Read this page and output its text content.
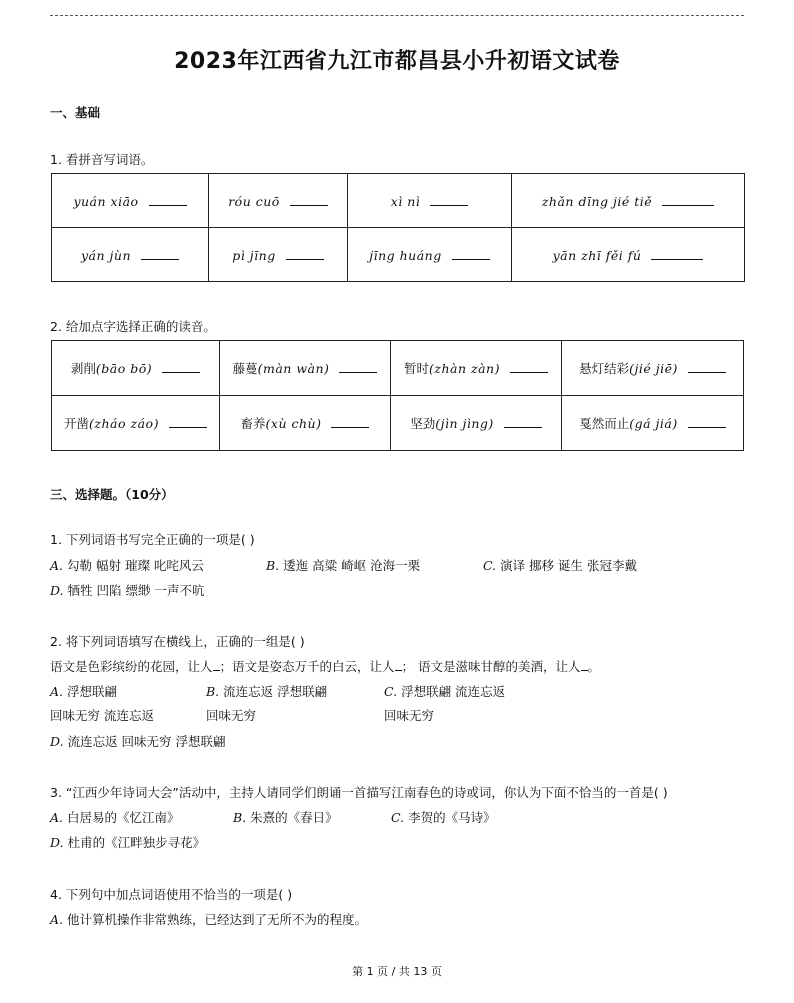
2023年江西省九江市都昌县小升初语文试卷
一、基础
1. 看拼音写词语。
yuán xiāo	róu cuō	xì nì	zhǎn dīng jié tiě
yán jùn	pì jīng	jīng huáng	yān zhī fěi fú
2. 给加点字选择正确的读音。
剥削(bāo bō)	藤蔓(màn wàn)	暂时(zhàn zàn)	悬灯结彩(jié jiē)
开凿(zháo záo)	畜养(xù chù)	坚劲(jìn jìng)	戛然而止(gá jiá)
三、选择题。（10分）
1. 下列词语书写完全正确的一项是( )
A. 勾勒 幅射 璀璨 叱咤风云	B. 逶迤 高粱 崎岖 沧海一栗	C. 演译 挪移 诞生 张冠李戴
D. 牺牲 凹陷 缥缈 一声不吭
2. 将下列词语填写在横线上，正确的一组是( )
语文是色彩缤纷的花园，让人 ；语文是姿态万千的白云，让人 ； 语文是滋味甘醇的美酒，让人 。
A. 浮想联翩
回味无穷 流连忘返
B. 流连忘返 浮想联翩
回味无穷
C. 浮想联翩 流连忘返
回味无穷
D. 流连忘返 回味无穷 浮想联翩
3. “江西少年诗词大会”活动中，主持人请同学们朗诵一首描写江南春色的诗或词，你认为下面不恰当的一首是( )
A. 白居易的《忆江南》	B. 朱熹的《春日》	C. 李贺的《马诗》
D. 杜甫的《江畔独步寻花》
4. 下列句中加点词语使用不恰当的一项是( )
A. 他计算机操作非常熟练，已经达到了无所不为的程度。
第 1 页 / 共 13 页
